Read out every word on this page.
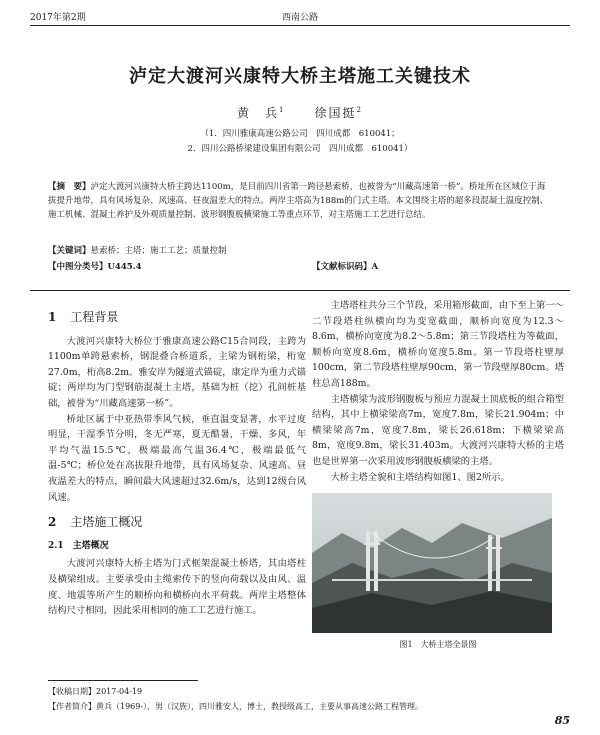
2017年第2期	西南公路
泸定大渡河兴康特大桥主塔施工关键技术
黄　兵$^1$ 徐国挺$^2$
（1．四川雅康高速公路公司　四川成都　610041；
2．四川公路桥梁建设集团有限公司　四川成都　610041）
【摘　要】泸定大渡河兴康特大桥主跨达1100m，是目前四川省第一跨径悬索桥，也被誉为“川藏高速第一桥”。桥址所在区域位于海拔提升地带，具有风场复杂、风速高、昼夜温差大的特点。两岸主塔高为188m的门式主塔。本文围绕主塔的超多段混凝土温度控制、施工机械、混凝土养护及外观质量控制、波形钢腹板横梁施工等重点环节，对主塔施工工艺进行总结。
【关键词】悬索桥；主塔；施工工艺；质量控制
【中图分类号】U445.4	【文献标识码】A
1 工程背景

大渡河兴康特大桥位于雅康高速公路C15合同段，主跨为1100m单跨悬索桥，钢混叠合桥道系，主梁为钢桁梁，桁宽27.0m，桁高8.2m。雅安岸为隧道式锚碇，康定岸为重力式锚碇；两岸均为门型钢筋混凝土主塔，基础为桩（挖）孔间桩基础，被誉为“川藏高速第一桥”。

桥址区属于中亚热带季风气候，垂直温变显著，水平过度明显，干湿季节分明，冬无严寒，夏无酷暑，干燥、多风，年平均气温15.5℃，极端最高气温36.4℃，极端最低气温-5℃；桥位处在高拔限升地带，具有风场复杂、风速高、昼夜温差大的特点，瞬间最大风速超过32.6m/s，达到12级台风风速。

2 主塔施工概况
2.1　主塔概况

大渡河兴康特大桥主塔为门式框架混凝土桥塔，其由塔柱及横梁组成。主要承受由主缆索传下的竖向荷载以及由风、温度、地震等所产生的顺桥向和横桥向水平荷载。两岸主塔整体结构尺寸相同，因此采用相同的施工工艺进行施工。

主塔塔柱共分三个节段，采用箱形截面，由下至上第一～二节段塔柱纵横向均为变宽截面，顺桥向宽度为12.3～8.6m，横桥向宽度为8.2～5.8m；第三节段塔柱为等截面，顺桥向宽度8.6m，横桥向宽度5.8m。第一节段塔柱壁厚100cm，第二节段塔柱壁厚90cm，第一节段壁厚80cm。塔柱总高188m。

主塔横梁为波形钢腹板与预应力混凝土顶底板的组合箱型结构，其中上横梁梁高7m，宽度7.8m，梁长21.904m；中横梁梁高7m，宽度7.8m，梁长26.618m；下横梁梁高8m，宽度9.8m，梁长31.403m。大渡河兴康特大桥的主塔也是世界第一次采用波形钢腹板横梁的主塔。

大桥主塔全貌和主塔结构如图1、图2所示。

图1　大桥主塔全景图
【收稿日期】2017-04-19
【作者简介】黄兵（1969-），男（汉族），四川雅安人，博士，教授级高工，主要从事高速公路工程管理。
85
